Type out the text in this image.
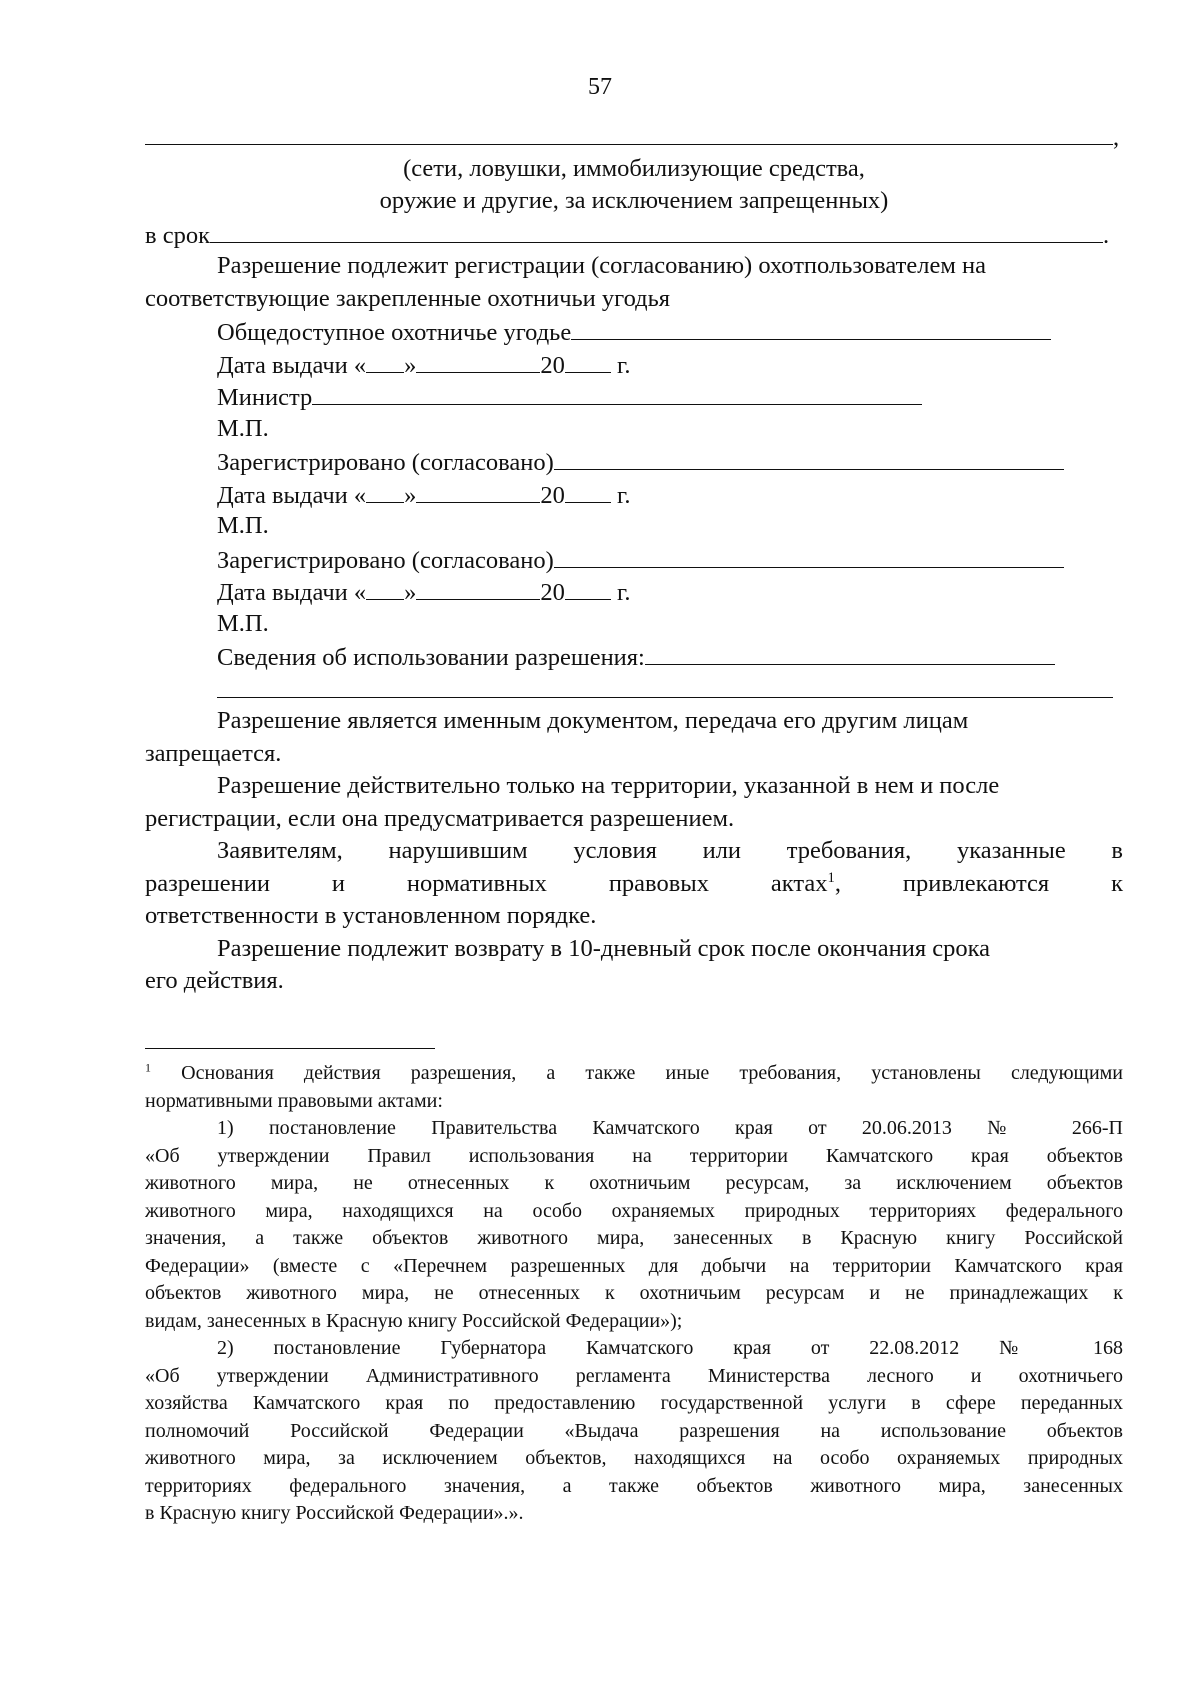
57
,
(сети, ловушки, иммобилизующие средства,
оружие и другие, за исключением запрещенных)
в срок	.
Разрешение подлежит регистрации (согласованию) охотпользователем на
соответствующие закрепленные охотничьи угодья
Общедоступное охотничье угодье
Дата выдачи « »	20 г.
Министр
М.П.
Зарегистрировано (согласовано)
Дата выдачи « »	20 г.
М.П.
Зарегистрировано (согласовано)
Дата выдачи « »	20 г.
М.П.
Сведения об использовании разрешения:
Разрешение является именным документом, передача его другим лицам
запрещается.
Разрешение действительно только на территории, указанной в нем и после
регистрации, если она предусматривается разрешением.
Заявителям, нарушившим условия или требования, указанные в
разрешении и нормативных правовых актах$^1$, привлекаются к
ответственности в установленном порядке.
Разрешение подлежит возврату в 10-дневный срок после окончания срока
его действия.
$^1$ Основания действия разрешения, а также иные требования, установлены следующими
нормативными правовыми актами:
1) постановление Правительства Камчатского края от 20.06.2013 № 266-П
«Об утверждении Правил использования на территории Камчатского края объектов
животного мира, не отнесенных к охотничьим ресурсам, за исключением объектов
животного мира, находящихся на особо охраняемых природных территориях федерального
значения, а также объектов животного мира, занесенных в Красную книгу Российской
Федерации» (вместе с «Перечнем разрешенных для добычи на территории Камчатского края
объектов животного мира, не отнесенных к охотничьим ресурсам и не принадлежащих к
видам, занесенных в Красную книгу Российской Федерации»);
2) постановление Губернатора Камчатского края от 22.08.2012 № 168
«Об утверждении Административного регламента Министерства лесного и охотничьего
хозяйства Камчатского края по предоставлению государственной услуги в сфере переданных
полномочий Российской Федерации «Выдача разрешения на использование объектов
животного мира, за исключением объектов, находящихся на особо охраняемых природных
территориях федерального значения, а также объектов животного мира, занесенных
в Красную книгу Российской Федерации».».
